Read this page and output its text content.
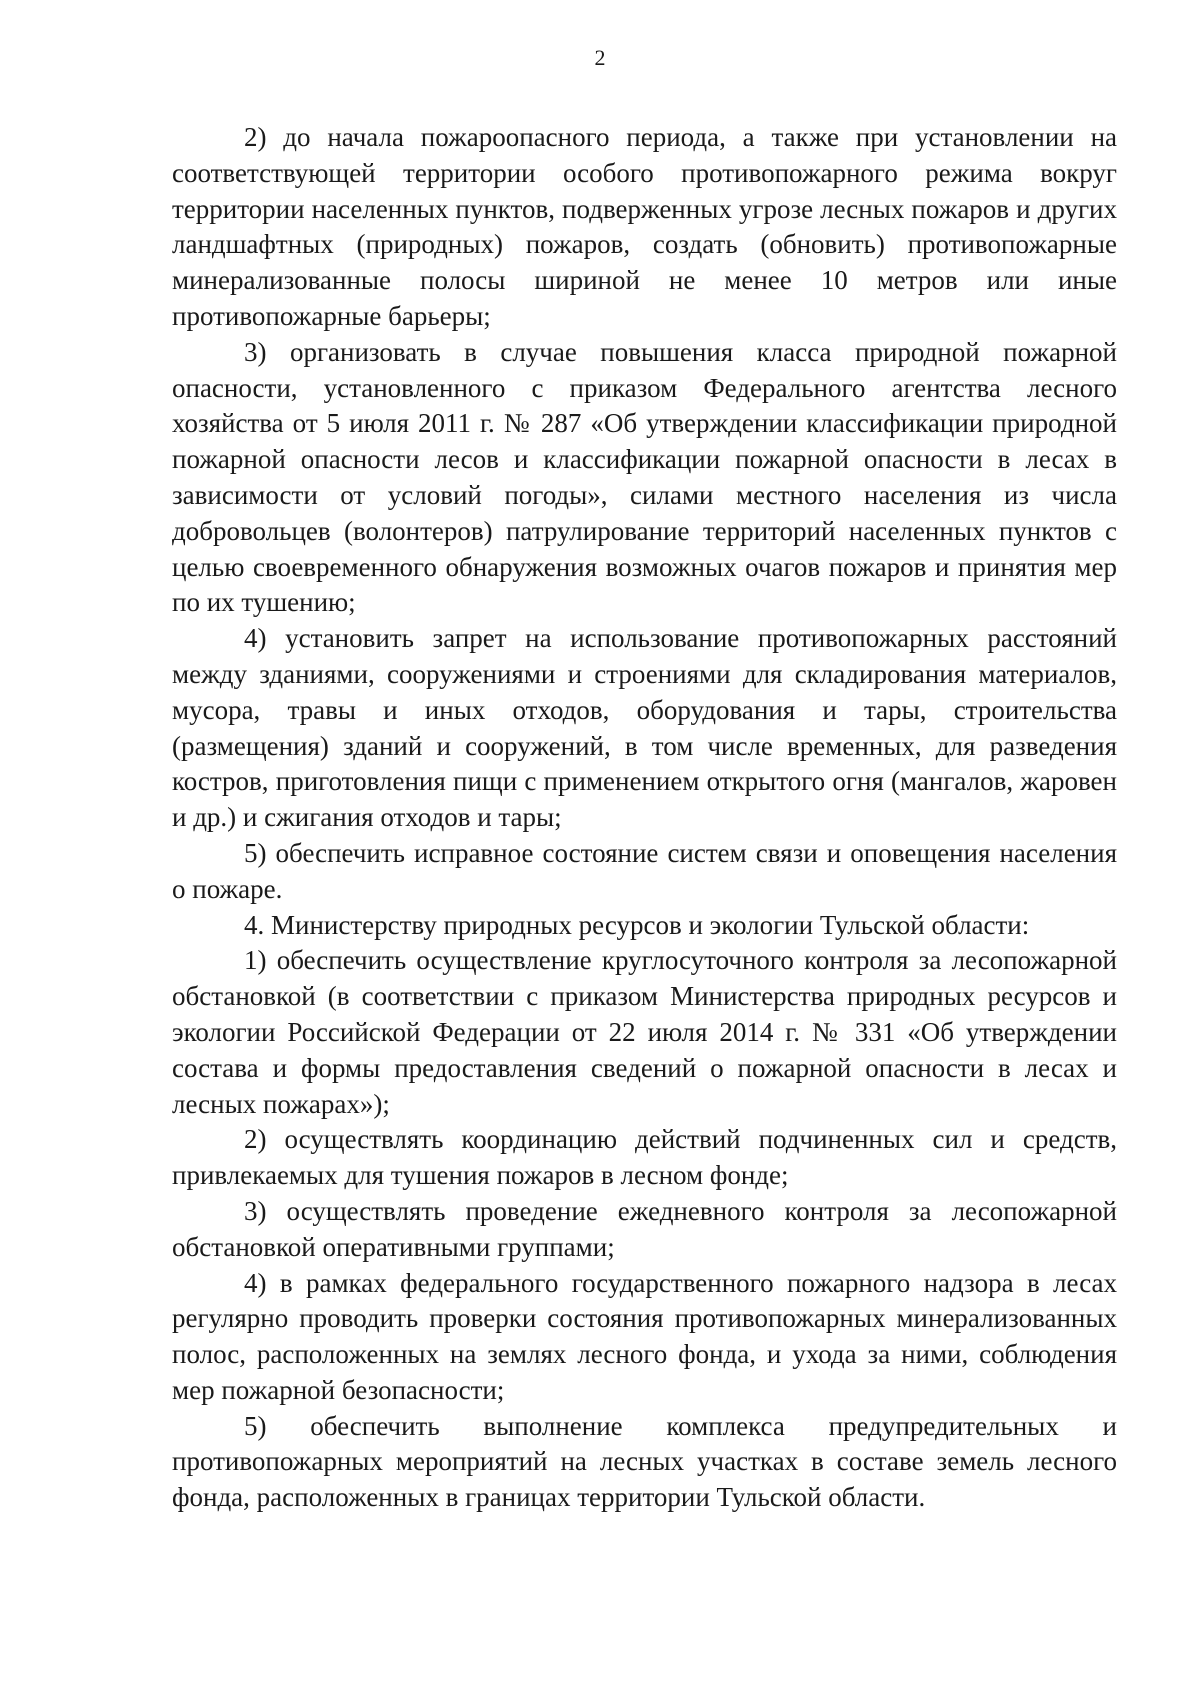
2

2) до начала пожароопасного периода, а также при установлении на соответствующей территории особого противопожарного режима вокруг территории населенных пунктов, подверженных угрозе лесных пожаров и других ландшафтных (природных) пожаров, создать (обновить) противопожарные минерализованные полосы шириной не менее 10 метров или иные противопожарные барьеры;

3) организовать в случае повышения класса природной пожарной опасности, установленного с приказом Федерального агентства лесного хозяйства от 5 июля 2011 г. № 287 «Об утверждении классификации природной пожарной опасности лесов и классификации пожарной опасности в лесах в зависимости от условий погоды», силами местного населения из числа добровольцев (волонтеров) патрулирование территорий населенных пунктов с целью своевременного обнаружения возможных очагов пожаров и принятия мер по их тушению;

4) установить запрет на использование противопожарных расстояний между зданиями, сооружениями и строениями для складирования материалов, мусора, травы и иных отходов, оборудования и тары, строительства (размещения) зданий и сооружений, в том числе временных, для разведения костров, приготовления пищи с применением открытого огня (мангалов, жаровен и др.) и сжигания отходов и тары;

5) обеспечить исправное состояние систем связи и оповещения населения о пожаре.

4. Министерству природных ресурсов и экологии Тульской области:

1) обеспечить осуществление круглосуточного контроля за лесопожарной обстановкой (в соответствии с приказом Министерства природных ресурсов и экологии Российской Федерации от 22 июля 2014 г. № 331 «Об утверждении состава и формы предоставления сведений о пожарной опасности в лесах и лесных пожарах»);

2) осуществлять координацию действий подчиненных сил и средств, привлекаемых для тушения пожаров в лесном фонде;

3) осуществлять проведение ежедневного контроля за лесопожарной обстановкой оперативными группами;

4) в рамках федерального государственного пожарного надзора в лесах регулярно проводить проверки состояния противопожарных минерализованных полос, расположенных на землях лесного фонда, и ухода за ними, соблюдения мер пожарной безопасности;

5) обеспечить выполнение комплекса предупредительных и противопожарных мероприятий на лесных участках в составе земель лесного фонда, расположенных в границах территории Тульской области.
